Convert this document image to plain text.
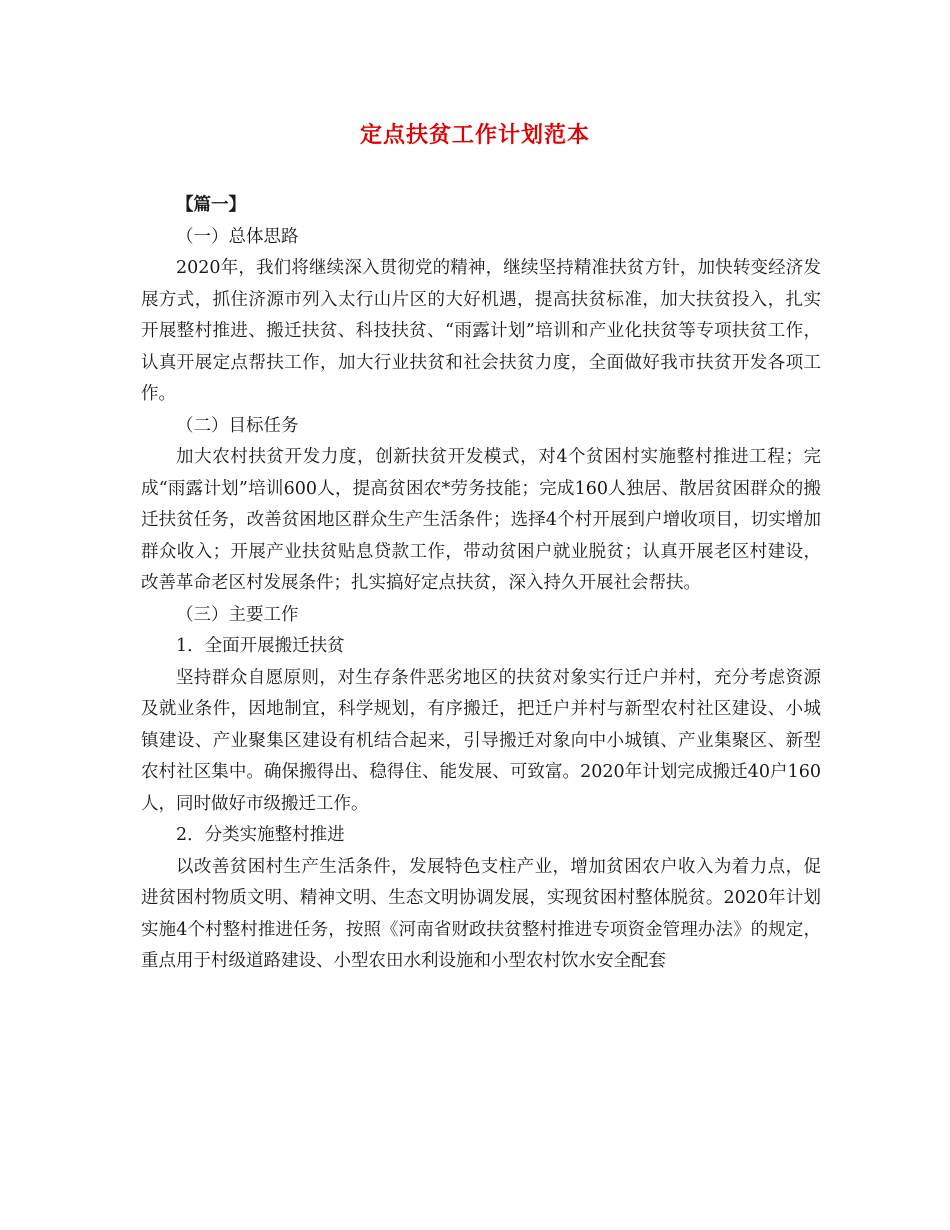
定点扶贫工作计划范本

【篇一】

（一）总体思路

2020年，我们将继续深入贯彻党的精神，继续坚持精准扶贫方针，加快转变经济发展方式，抓住济源市列入太行山片区的大好机遇，提高扶贫标准，加大扶贫投入，扎实开展整村推进、搬迁扶贫、科技扶贫、“雨露计划”培训和产业化扶贫等专项扶贫工作，认真开展定点帮扶工作，加大行业扶贫和社会扶贫力度，全面做好我市扶贫开发各项工作。

（二）目标任务

加大农村扶贫开发力度，创新扶贫开发模式，对4个贫困村实施整村推进工程；完成“雨露计划”培训600人，提高贫困农*劳务技能；完成160人独居、散居贫困群众的搬迁扶贫任务，改善贫困地区群众生产生活条件；选择4个村开展到户增收项目，切实增加群众收入；开展产业扶贫贴息贷款工作，带动贫困户就业脱贫；认真开展老区村建设，改善革命老区村发展条件；扎实搞好定点扶贫，深入持久开展社会帮扶。

（三）主要工作

1．全面开展搬迁扶贫

坚持群众自愿原则，对生存条件恶劣地区的扶贫对象实行迁户并村，充分考虑资源及就业条件，因地制宜，科学规划，有序搬迁，把迁户并村与新型农村社区建设、小城镇建设、产业聚集区建设有机结合起来，引导搬迁对象向中小城镇、产业集聚区、新型农村社区集中。确保搬得出、稳得住、能发展、可致富。2020年计划完成搬迁40户160人，同时做好市级搬迁工作。

2．分类实施整村推进

以改善贫困村生产生活条件，发展特色支柱产业，增加贫困农户收入为着力点，促进贫困村物质文明、精神文明、生态文明协调发展，实现贫困村整体脱贫。2020年计划实施4个村整村推进任务，按照《河南省财政扶贫整村推进专项资金管理办法》的规定，重点用于村级道路建设、小型农田水利设施和小型农村饮水安全配套
